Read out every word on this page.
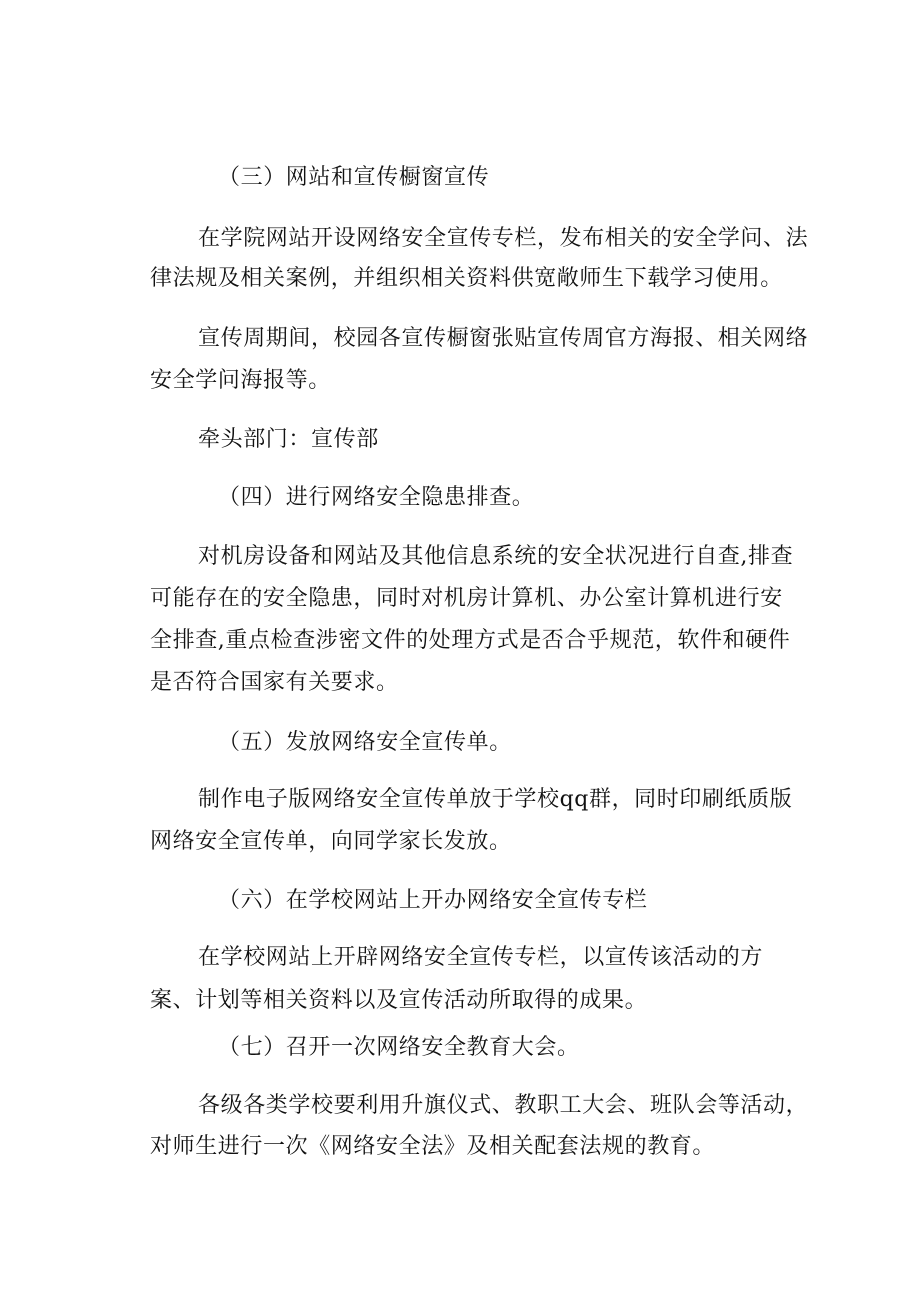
（三）网站和宣传橱窗宣传
在学院网站开设网络安全宣传专栏，发布相关的安全学问、法
律法规及相关案例，并组织相关资料供宽敞师生下载学习使用。
宣传周期间，校园各宣传橱窗张贴宣传周官方海报、相关网络
安全学问海报等。
牵头部门：宣传部
（四）进行网络安全隐患排查。
对机房设备和网站及其他信息系统的安全状况进行自查,排查
可能存在的安全隐患，同时对机房计算机、办公室计算机进行安
全排查,重点检查涉密文件的处理方式是否合乎规范，软件和硬件
是否符合国家有关要求。
（五）发放网络安全宣传单。
制作电子版网络安全宣传单放于学校qq群，同时印刷纸质版
网络安全宣传单，向同学家长发放。
（六）在学校网站上开办网络安全宣传专栏
在学校网站上开辟网络安全宣传专栏，以宣传该活动的方
案、计划等相关资料以及宣传活动所取得的成果。
（七）召开一次网络安全教育大会。
各级各类学校要利用升旗仪式、教职工大会、班队会等活动，
对师生进行一次《网络安全法》及相关配套法规的教育。
